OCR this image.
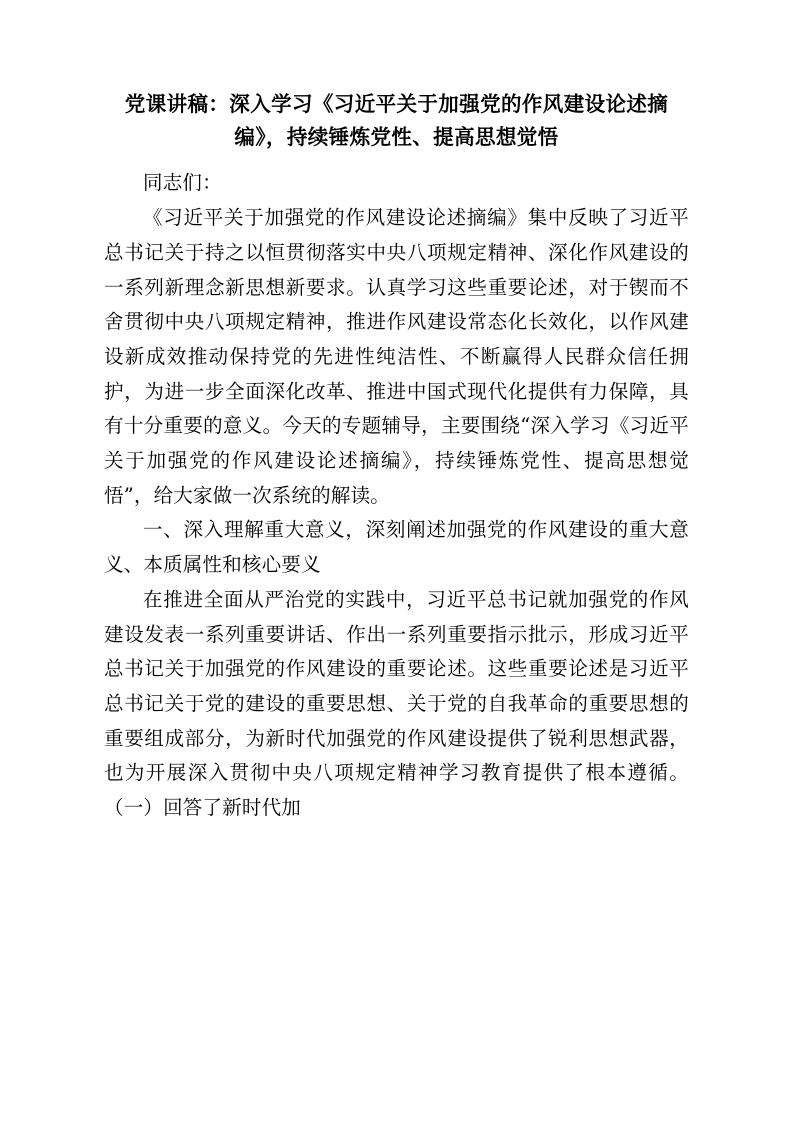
党课讲稿：深入学习《习近平关于加强党的作风建设论述摘编》，持续锤炼党性、提高思想觉悟

同志们：

《习近平关于加强党的作风建设论述摘编》集中反映了习近平总书记关于持之以恒贯彻落实中央八项规定精神、深化作风建设的一系列新理念新思想新要求。认真学习这些重要论述，对于锲而不舍贯彻中央八项规定精神，推进作风建设常态化长效化，以作风建设新成效推动保持党的先进性纯洁性、不断赢得人民群众信任拥护，为进一步全面深化改革、推进中国式现代化提供有力保障，具有十分重要的意义。今天的专题辅导，主要围绕“深入学习《习近平关于加强党的作风建设论述摘编》，持续锤炼党性、提高思想觉悟”，给大家做一次系统的解读。

一、深入理解重大意义，深刻阐述加强党的作风建设的重大意义、本质属性和核心要义

在推进全面从严治党的实践中，习近平总书记就加强党的作风建设发表一系列重要讲话、作出一系列重要指示批示，形成习近平总书记关于加强党的作风建设的重要论述。这些重要论述是习近平总书记关于党的建设的重要思想、关于党的自我革命的重要思想的重要组成部分，为新时代加强党的作风建设提供了锐利思想武器，也为开展深入贯彻中央八项规定精神学习教育提供了根本遵循。（一）回答了新时代加
